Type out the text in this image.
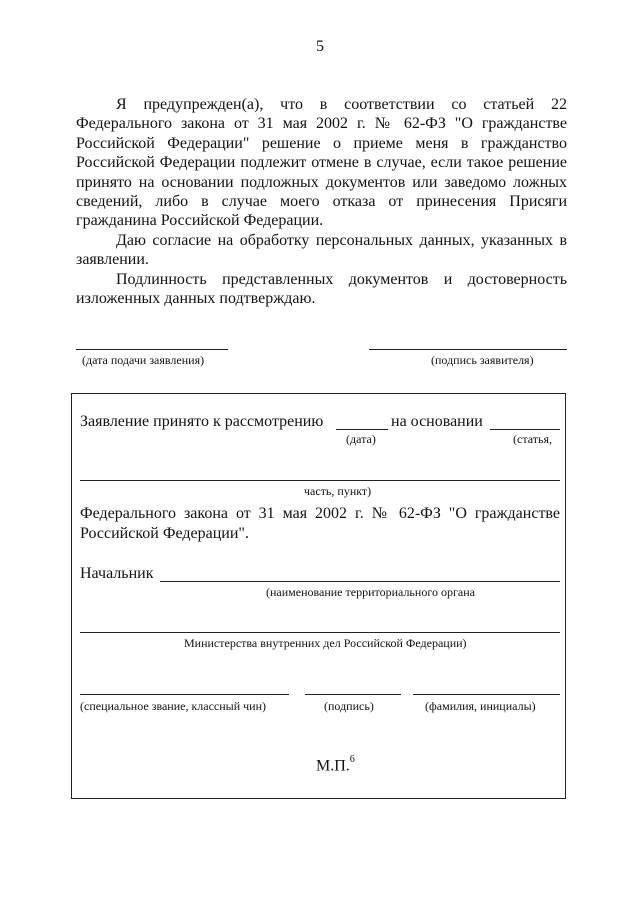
5
Я предупрежден(а), что в соответствии со статьей 22 Федерального закона от 31 мая 2002 г. № 62-ФЗ "О гражданстве Российской Федерации" решение о приеме меня в гражданство Российской Федерации подлежит отмене в случае, если такое решение принято на основании подложных документов или заведомо ложных сведений, либо в случае моего отказа от принесения Присяги гражданина Российской Федерации.
Даю согласие на обработку персональных данных, указанных в заявлении.
Подлинность представленных документов и достоверность изложенных данных подтверждаю.
(дата подачи заявления)	(подпись заявителя)
Заявление принято к рассмотрению	на основании
(дата)	(статья,
часть, пункт)
Федерального закона от 31 мая 2002 г. № 62-ФЗ "О гражданстве
Российской Федерации".
Начальник
(наименование территориального органа
Министерства внутренних дел Российской Федерации)
(специальное звание, классный чин)	(подпись)	(фамилия, инициалы)
М.П.$^6$
